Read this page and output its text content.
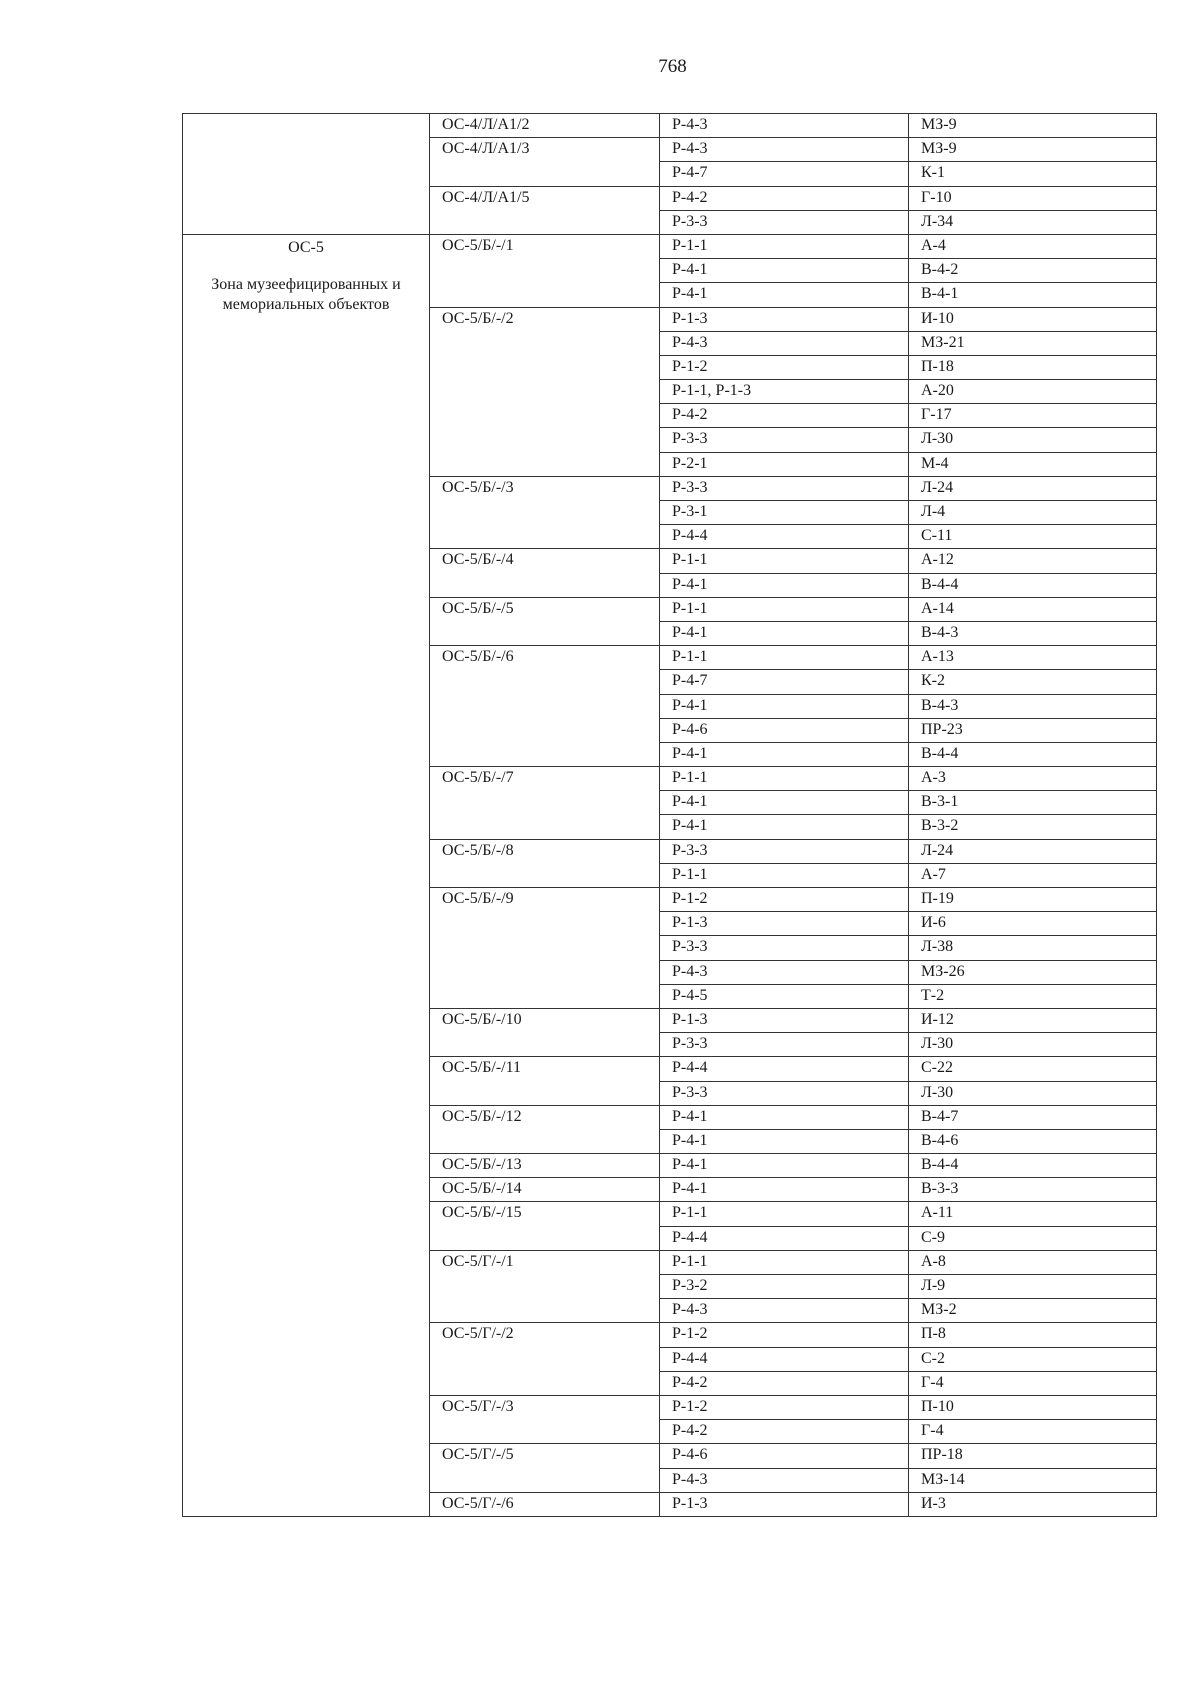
768
	ОС-4/Л/А1/2	Р-4-3	МЗ-9
	ОС-4/Л/А1/3	Р-4-3	МЗ-9
		Р-4-7	К-1
	ОС-4/Л/А1/5	Р-4-2	Г-10
		Р-3-3	Л-34

ОС-5
Зона музеефицированных и мемориальных объектов	ОС-5/Б/-/1	Р-1-1	А-4
		Р-4-1	В-4-2
		Р-4-1	В-4-1
	ОС-5/Б/-/2	Р-1-3	И-10
		Р-4-3	МЗ-21
		Р-1-2	П-18
		Р-1-1, Р-1-3	А-20
		Р-4-2	Г-17
		Р-3-3	Л-30
		Р-2-1	М-4
	ОС-5/Б/-/3	Р-3-3	Л-24
		Р-3-1	Л-4
		Р-4-4	С-11
	ОС-5/Б/-/4	Р-1-1	А-12
		Р-4-1	В-4-4
	ОС-5/Б/-/5	Р-1-1	А-14
		Р-4-1	В-4-3
	ОС-5/Б/-/6	Р-1-1	А-13
		Р-4-7	К-2
		Р-4-1	В-4-3
		Р-4-6	ПР-23
		Р-4-1	В-4-4
	ОС-5/Б/-/7	Р-1-1	А-3
		Р-4-1	В-3-1
		Р-4-1	В-3-2
	ОС-5/Б/-/8	Р-3-3	Л-24
		Р-1-1	А-7
	ОС-5/Б/-/9	Р-1-2	П-19
		Р-1-3	И-6
		Р-3-3	Л-38
		Р-4-3	МЗ-26
		Р-4-5	Т-2
	ОС-5/Б/-/10	Р-1-3	И-12
		Р-3-3	Л-30
	ОС-5/Б/-/11	Р-4-4	С-22
		Р-3-3	Л-30
	ОС-5/Б/-/12	Р-4-1	В-4-7
		Р-4-1	В-4-6
	ОС-5/Б/-/13	Р-4-1	В-4-4
	ОС-5/Б/-/14	Р-4-1	В-3-3
	ОС-5/Б/-/15	Р-1-1	А-11
		Р-4-4	С-9
	ОС-5/Г/-/1	Р-1-1	А-8
		Р-3-2	Л-9
		Р-4-3	МЗ-2
	ОС-5/Г/-/2	Р-1-2	П-8
		Р-4-4	С-2
		Р-4-2	Г-4
	ОС-5/Г/-/3	Р-1-2	П-10
		Р-4-2	Г-4
	ОС-5/Г/-/5	Р-4-6	ПР-18
		Р-4-3	МЗ-14
	ОС-5/Г/-/6	Р-1-3	И-3
